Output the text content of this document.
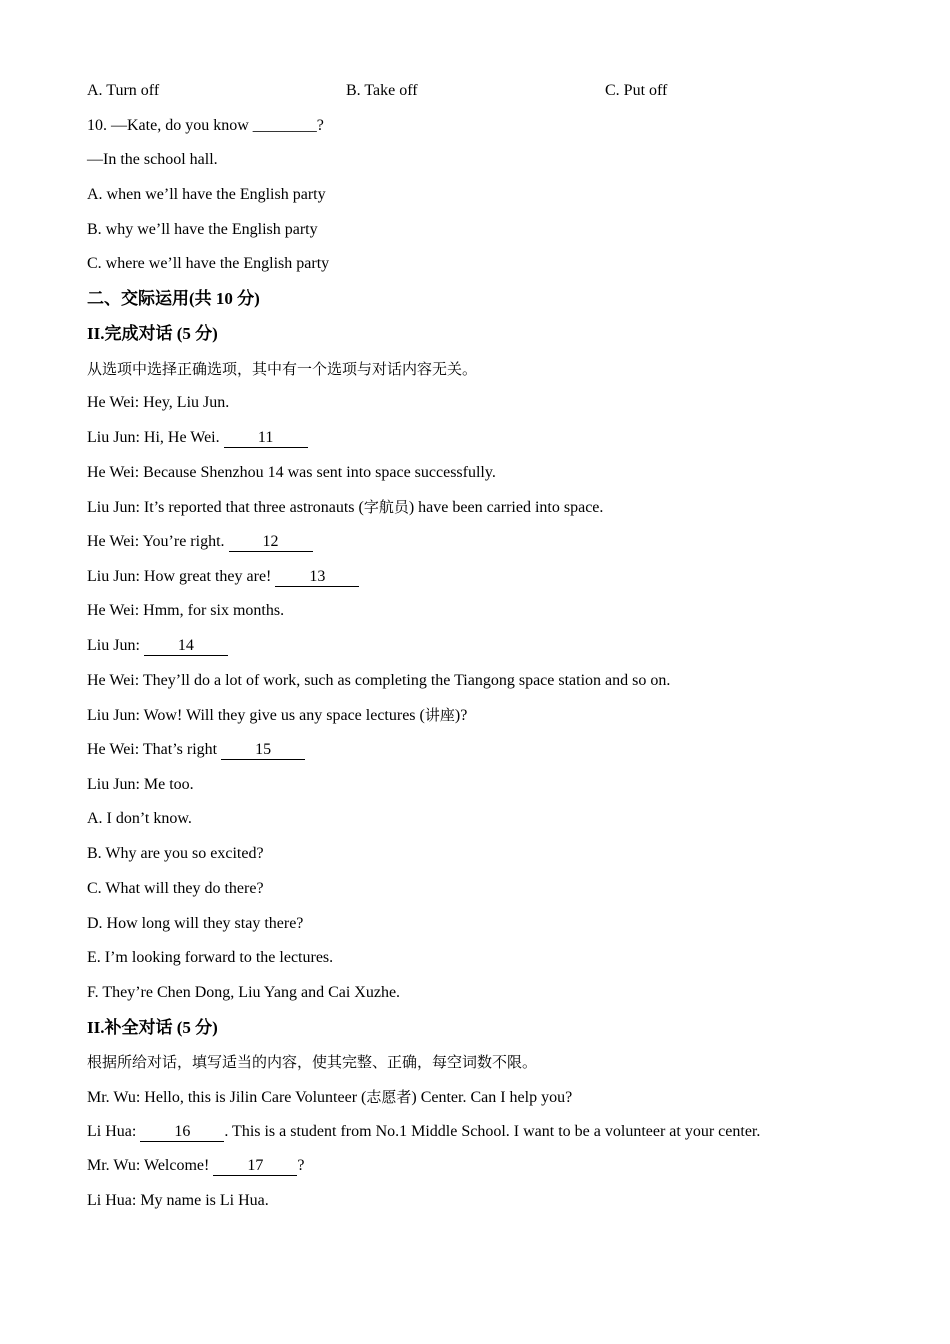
A. Turn off	B. Take off	C. Put off
10. —Kate, do you know ________?
—In the school hall.
A. when we’ll have the English party
B. why we’ll have the English party
C. where we’ll have the English party
二、交际运用(共 10 分)
II.完成对话 (5 分)
从选项中选择正确选项，其中有一个选项与对话内容无关。
He Wei: Hey, Liu Jun.
Liu Jun: Hi, He Wei. 11
He Wei: Because Shenzhou 14 was sent into space successfully.
Liu Jun: It’s reported that three astronauts (字航员) have been carried into space.
He Wei: You’re right. 12
Liu Jun: How great they are! 13
He Wei: Hmm, for six months.
Liu Jun: 14
He Wei: They’ll do a lot of work, such as completing the Tiangong space station and so on.
Liu Jun: Wow! Will they give us any space lectures (讲座)?
He Wei: That’s right 15
Liu Jun: Me too.
A. I don’t know.
B. Why are you so excited?
C. What will they do there?
D. How long will they stay there?
E. I’m looking forward to the lectures.
F. They’re Chen Dong, Liu Yang and Cai Xuzhe.
II.补全对话 (5 分)
根据所给对话，填写适当的内容，使其完整、正确，每空词数不限。
Mr. Wu: Hello, this is Jilin Care Volunteer (志愿者) Center. Can I help you?
Li Hua: 16 . This is a student from No.1 Middle School. I want to be a volunteer at your center.
Mr. Wu: Welcome! 17 ?
Li Hua: My name is Li Hua.
